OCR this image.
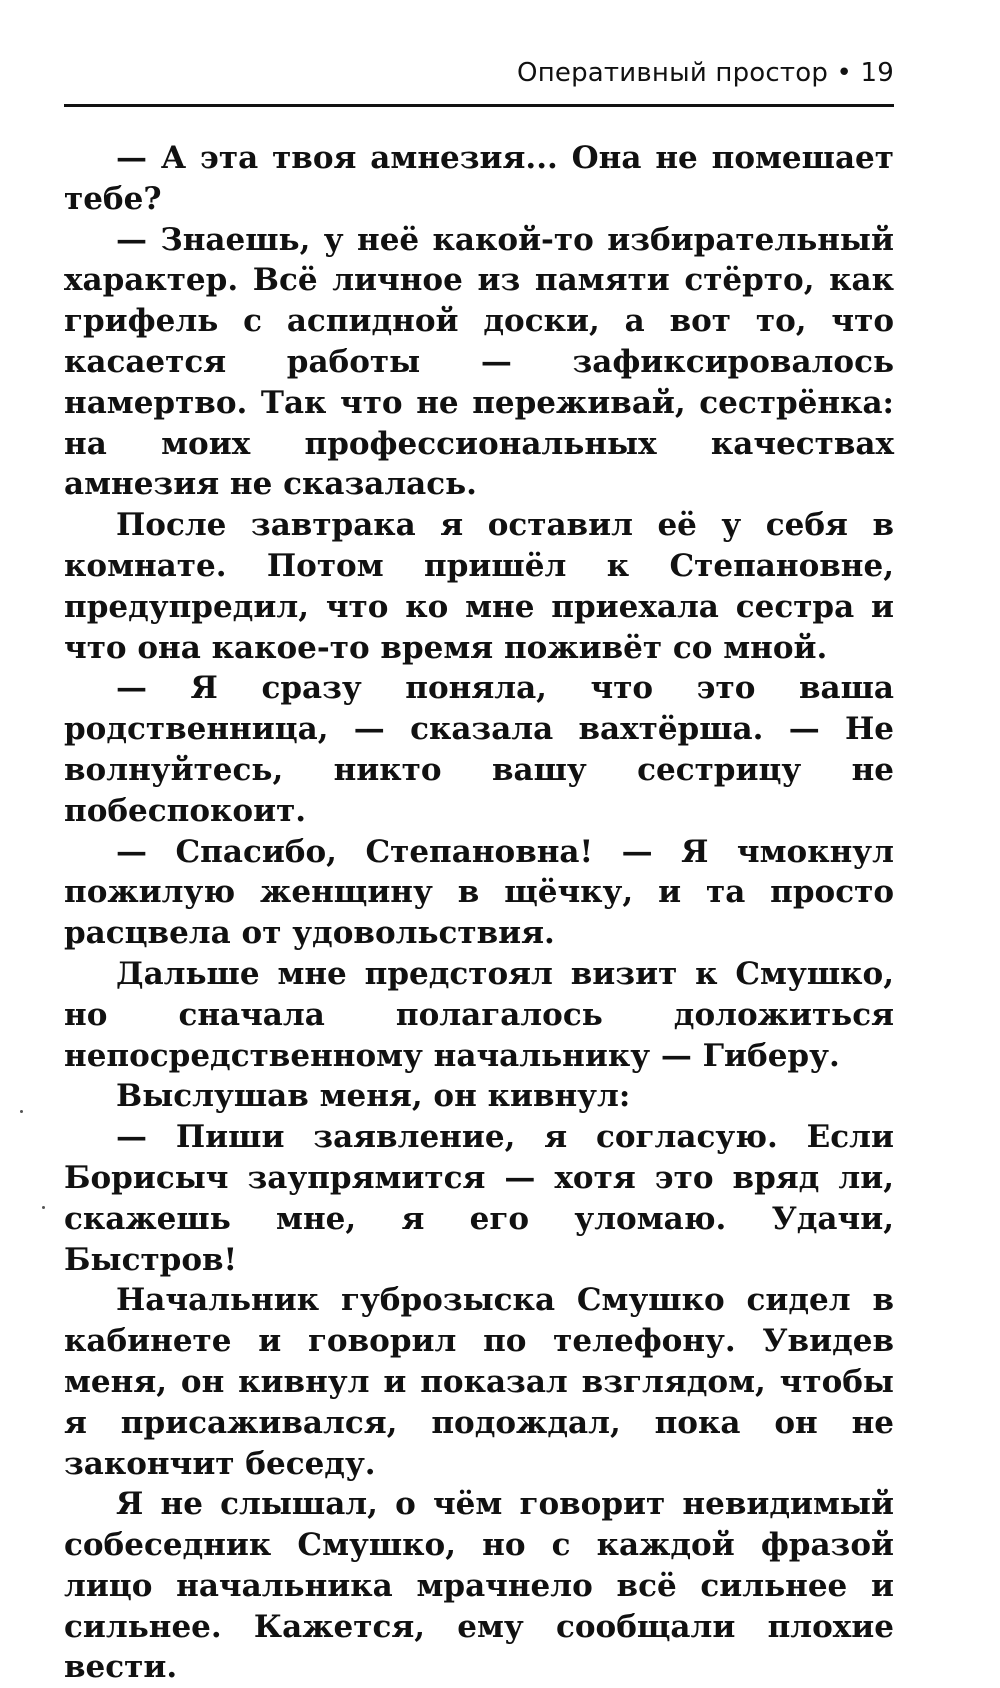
Оперативный простор • 19

— А эта твоя амнезия... Она не помешает тебе?

— Знаешь, у неё какой-то избирательный характер. Всё личное из памяти стёрто, как грифель с аспидной доски, а вот то, что касается работы — зафиксировалось намертво. Так что не переживай, сестрёнка: на моих профессиональных качествах амнезия не сказалась.

После завтрака я оставил её у себя в комнате. Потом пришёл к Степановне, предупредил, что ко мне приехала сестра и что она какое-то время поживёт со мной.

— Я сразу поняла, что это ваша родственница, — сказала вахтёрша. — Не волнуйтесь, никто вашу сестрицу не побеспокоит.

— Спасибо, Степановна! — Я чмокнул пожилую женщину в щёчку, и та просто расцвела от удовольствия.

Дальше мне предстоял визит к Смушко, но сначала полагалось доложиться непосредственному начальнику — Гиберу.

Выслушав меня, он кивнул:

— Пиши заявление, я согласую. Если Борисыч заупрямится — хотя это вряд ли, скажешь мне, я его уломаю. Удачи, Быстров!

Начальник губрозыска Смушко сидел в кабинете и говорил по телефону. Увидев меня, он кивнул и показал взглядом, чтобы я присаживался, подождал, пока он не закончит беседу.

Я не слышал, о чём говорит невидимый собеседник Смушко, но с каждой фразой лицо начальника мрачнело всё сильнее и сильнее. Кажется, ему сообщали плохие вести.
